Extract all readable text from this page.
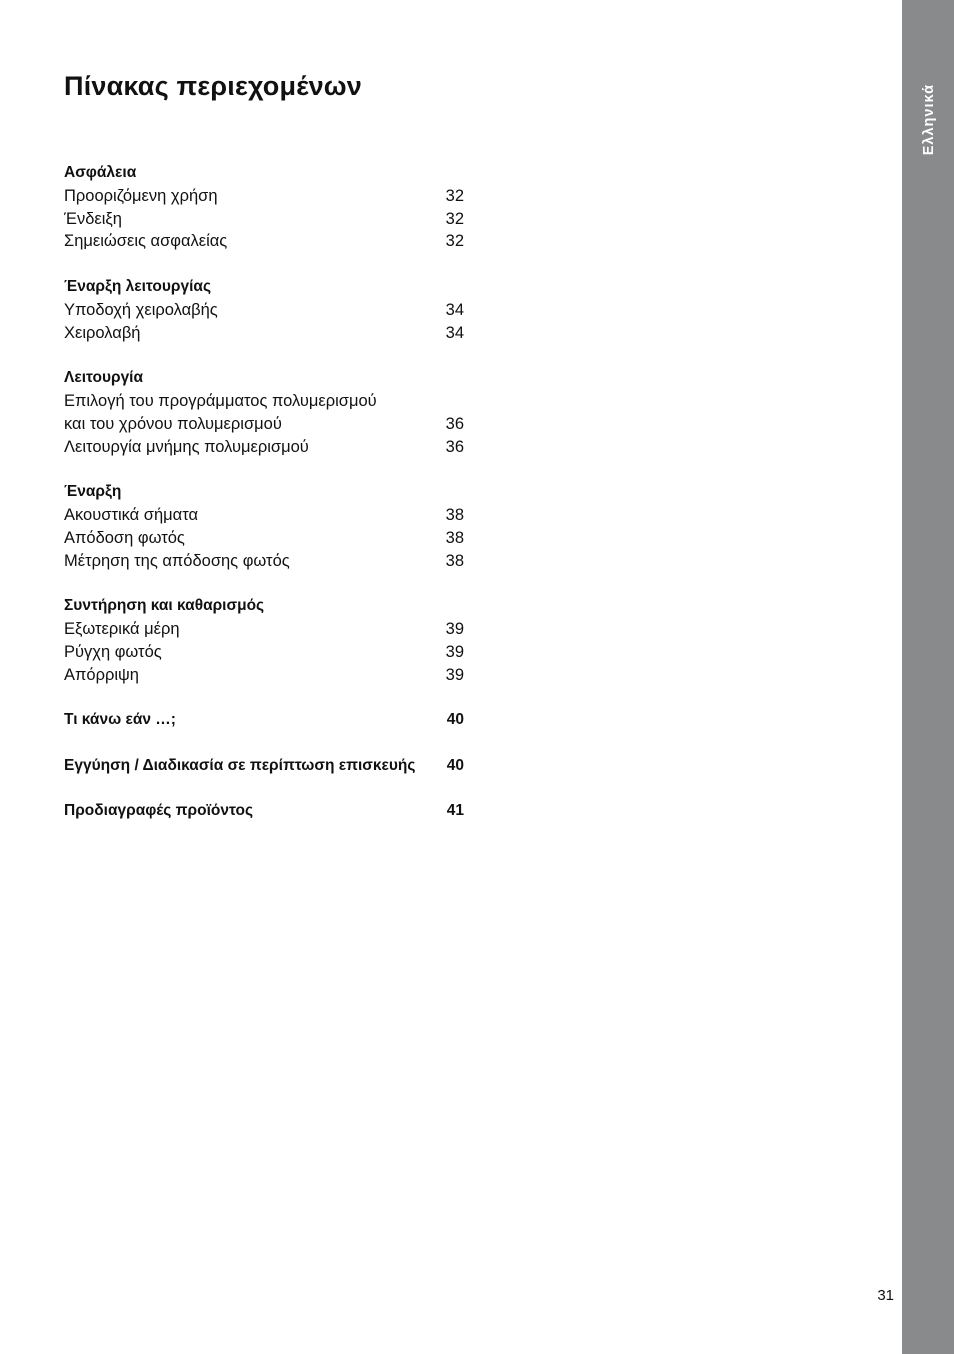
Πίνακας περιεχομένων
Ασφάλεια
Προοριζόμενη χρήση	32
Ένδειξη	32
Σημειώσεις ασφαλείας	32
Έναρξη λειτουργίας
Υποδοχή χειρολαβής	34
Χειρολαβή	34
Λειτουργία
Επιλογή του προγράμματος πολυμερισμού
και του χρόνου πολυμερισμού	36
Λειτουργία μνήμης πολυμερισμού	36
Έναρξη
Ακουστικά σήματα	38
Απόδοση φωτός	38
Μέτρηση της απόδοσης φωτός	38
Συντήρηση και καθαρισμός
Εξωτερικά μέρη	39
Ρύγχη φωτός	39
Απόρριψη	39
Τι κάνω εάν …;	40
Εγγύηση / Διαδικασία σε περίπτωση επισκευής 40
Προδιαγραφές προϊόντος	41
Ελληνικά
31
